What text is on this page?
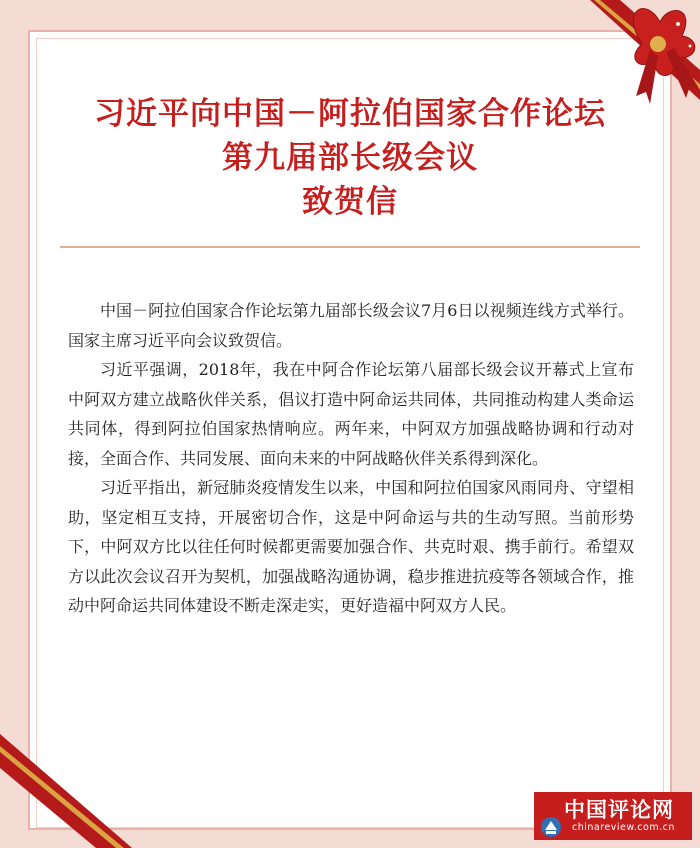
习近平向中国－阿拉伯国家合作论坛
第九届部长级会议
致贺信

中国－阿拉伯国家合作论坛第九届部长级会议7月6日以视频连线方式举行。国家主席习近平向会议致贺信。

习近平强调，2018年，我在中阿合作论坛第八届部长级会议开幕式上宣布中阿双方建立战略伙伴关系，倡议打造中阿命运共同体，共同推动构建人类命运共同体，得到阿拉伯国家热情响应。两年来，中阿双方加强战略协调和行动对接，全面合作、共同发展、面向未来的中阿战略伙伴关系得到深化。

习近平指出，新冠肺炎疫情发生以来，中国和阿拉伯国家风雨同舟、守望相助，坚定相互支持，开展密切合作，这是中阿命运与共的生动写照。当前形势下，中阿双方比以往任何时候都更需要加强合作、共克时艰、携手前行。希望双方以此次会议召开为契机，加强战略沟通协调，稳步推进抗疫等各领域合作，推动中阿命运共同体建设不断走深走实，更好造福中阿双方人民。

中国评论网
chinareview.com.cn
